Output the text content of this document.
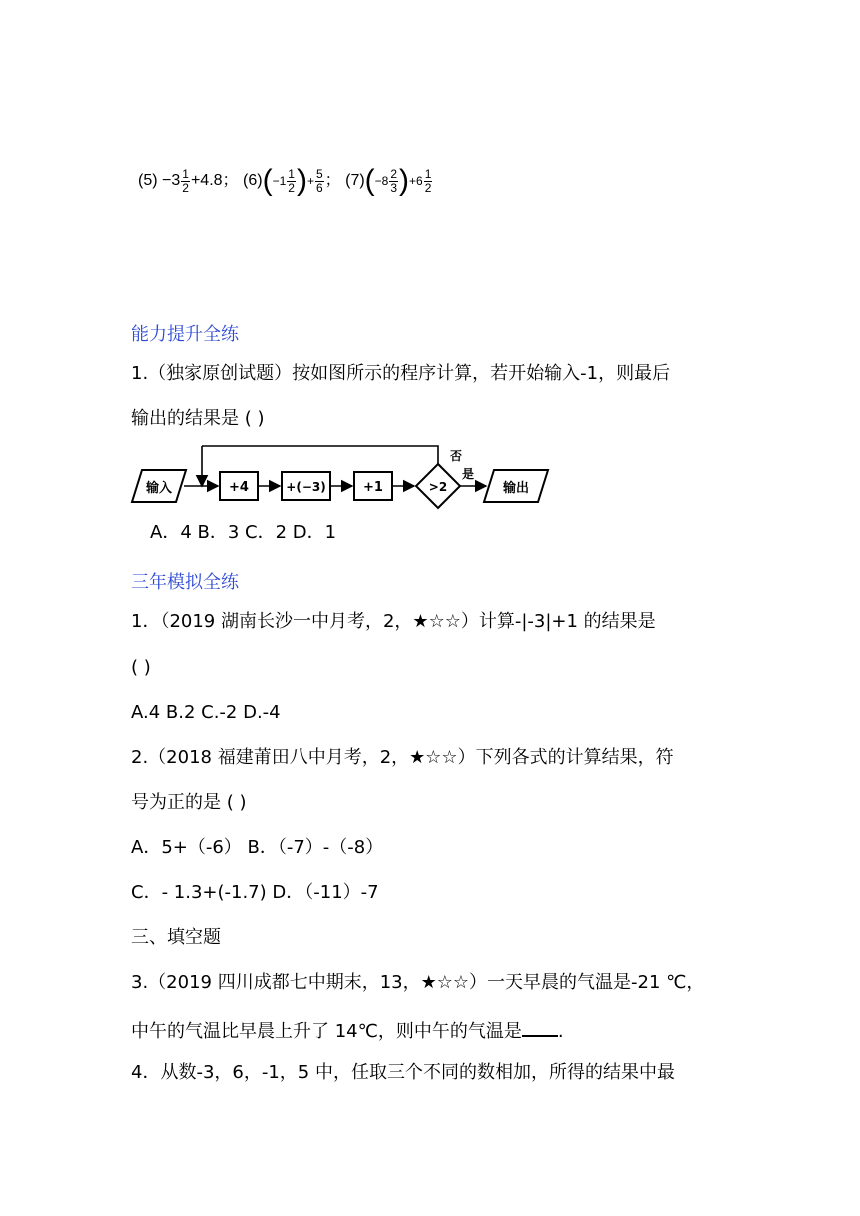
$(5) -3 \frac{1}{2} +4.8$； $(6)(-1 \frac{1}{2}$ )+ $\frac{5}{6}$ ； $(7)(-8 \frac{2}{3} )+6 \frac{1}{2}$
能力提升全练
1.（独家原创试题）按如图所示的程序计算，若开始输入-1，则最后
输出的结果是 ( )
输入	+4	+(−3)	+1	>2
否
是
输出
A．4 B．3 C．2 D．1
三年模拟全练
1．（2019 湖南长沙一中月考，2，★☆☆）计算-|-3|+1 的结果是
( )
A.4 B.2 C.-2 D.-4
2.（2018 福建莆田八中月考，2，★☆☆）下列各式的计算结果，符
号为正的是 ( )
A．5+（-6） B．（-7）-（-8）
C．- 1.3+(-1.7) D．（-11）-7
三、填空题
3.（2019 四川成都七中期末，13，★☆☆）一天早晨的气温是-21 ℃，
中午的气温比早晨上升了 14℃，则中午的气温是 .
4．从数-3，6，-1，5 中，任取三个不同的数相加，所得的结果中最
